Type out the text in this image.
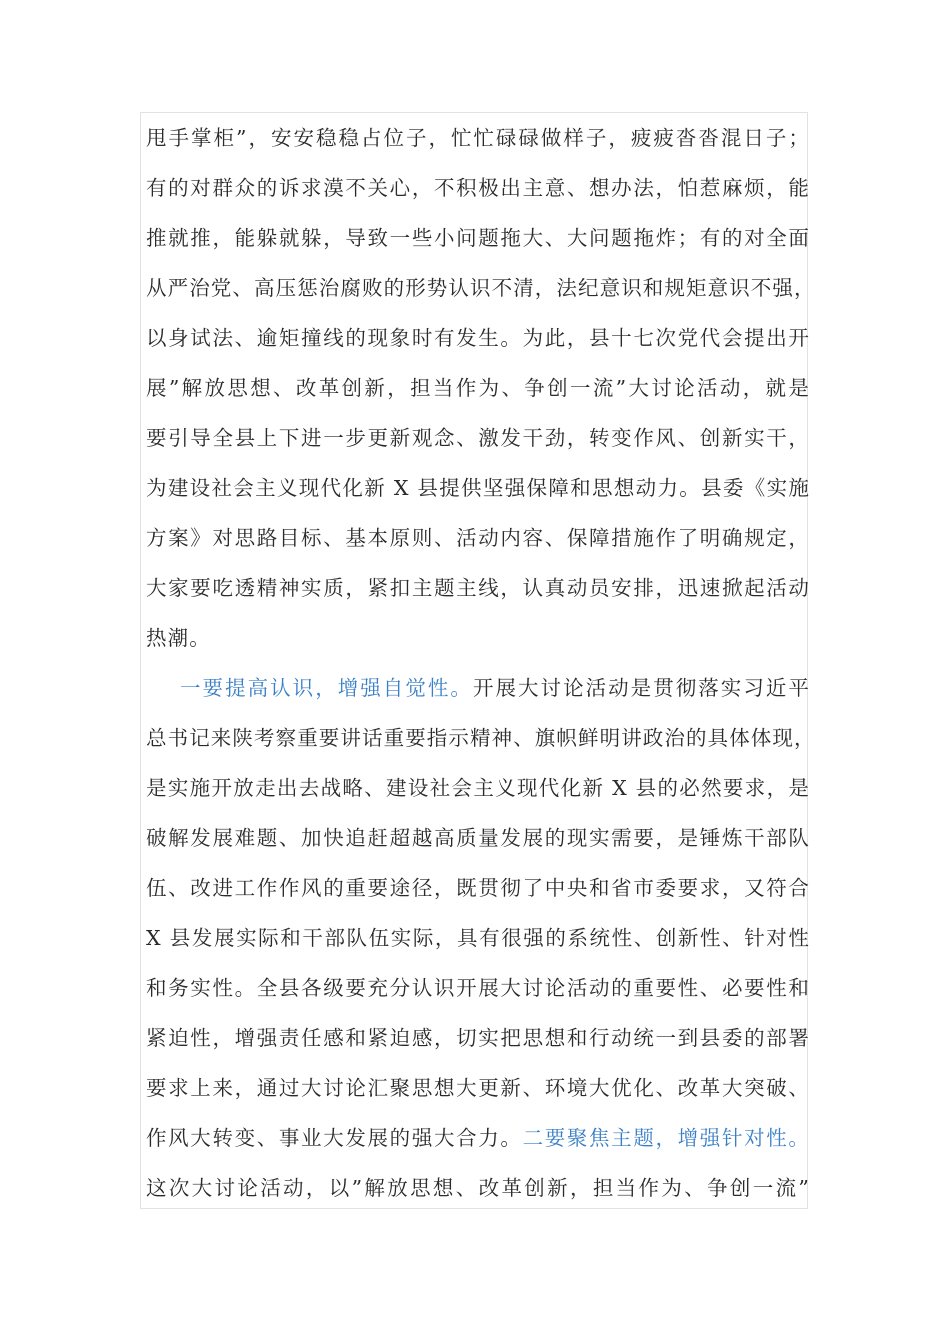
甩手掌柜”，安安稳稳占位子，忙忙碌碌做样子，疲疲沓沓混日子；
有的对群众的诉求漠不关心，不积极出主意、想办法，怕惹麻烦，能
推就推，能躲就躲，导致一些小问题拖大、大问题拖炸；有的对全面
从严治党、高压惩治腐败的形势认识不清，法纪意识和规矩意识不强，
以身试法、逾矩撞线的现象时有发生。为此，县十七次党代会提出开
展”解放思想、改革创新，担当作为、争创一流”大讨论活动，就是
要引导全县上下进一步更新观念、激发干劲，转变作风、创新实干，
为建设社会主义现代化新 X 县提供坚强保障和思想动力。县委《实施
方案》对思路目标、基本原则、活动内容、保障措施作了明确规定，
大家要吃透精神实质，紧扣主题主线，认真动员安排，迅速掀起活动
热潮。
一要提高认识，增强自觉性。开展大讨论活动是贯彻落实习近平
总书记来陕考察重要讲话重要指示精神、旗帜鲜明讲政治的具体体现，
是实施开放走出去战略、建设社会主义现代化新 X 县的必然要求，是
破解发展难题、加快追赶超越高质量发展的现实需要，是锤炼干部队
伍、改进工作作风的重要途径，既贯彻了中央和省市委要求，又符合
X 县发展实际和干部队伍实际，具有很强的系统性、创新性、针对性
和务实性。全县各级要充分认识开展大讨论活动的重要性、必要性和
紧迫性，增强责任感和紧迫感，切实把思想和行动统一到县委的部署
要求上来，通过大讨论汇聚思想大更新、环境大优化、改革大突破、
作风大转变、事业大发展的强大合力。二要聚焦主题，增强针对性。
这次大讨论活动，以”解放思想、改革创新，担当作为、争创一流”
